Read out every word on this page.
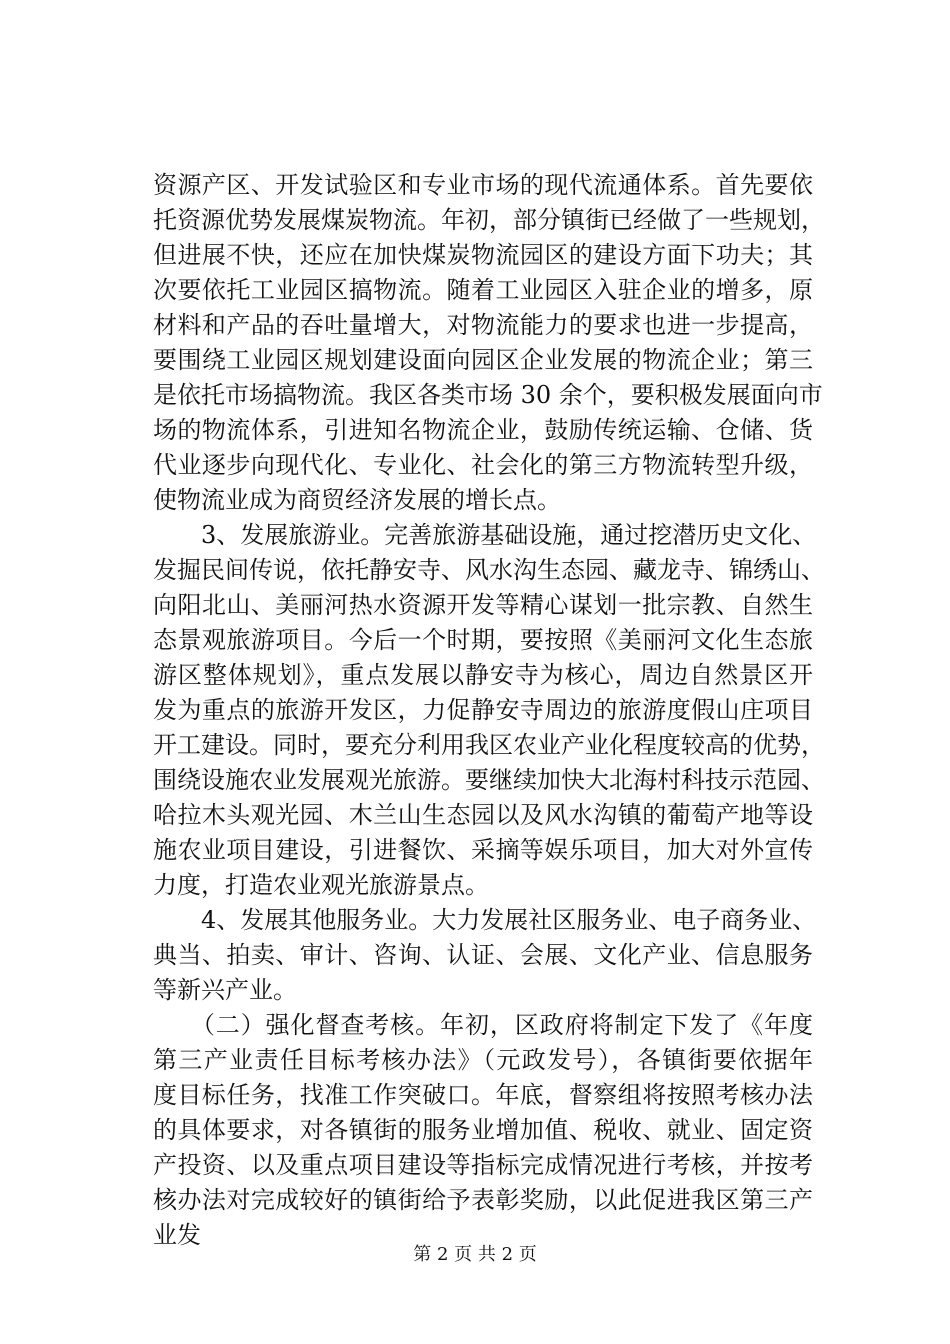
资源产区、开发试验区和专业市场的现代流通体系。首先要依
托资源优势发展煤炭物流。年初，部分镇街已经做了一些规划，
但进展不快，还应在加快煤炭物流园区的建设方面下功夫；其
次要依托工业园区搞物流。随着工业园区入驻企业的增多，原
材料和产品的吞吐量增大，对物流能力的要求也进一步提高，
要围绕工业园区规划建设面向园区企业发展的物流企业；第三
是依托市场搞物流。我区各类市场 30 余个，要积极发展面向市
场的物流体系，引进知名物流企业，鼓励传统运输、仓储、货
代业逐步向现代化、专业化、社会化的第三方物流转型升级，
使物流业成为商贸经济发展的增长点。
　　3、发展旅游业。完善旅游基础设施，通过挖潜历史文化、
发掘民间传说，依托静安寺、风水沟生态园、藏龙寺、锦绣山、
向阳北山、美丽河热水资源开发等精心谋划一批宗教、自然生
态景观旅游项目。今后一个时期，要按照《美丽河文化生态旅
游区整体规划》，重点发展以静安寺为核心，周边自然景区开
发为重点的旅游开发区，力促静安寺周边的旅游度假山庄项目
开工建设。同时，要充分利用我区农业产业化程度较高的优势，
围绕设施农业发展观光旅游。要继续加快大北海村科技示范园、
哈拉木头观光园、木兰山生态园以及风水沟镇的葡萄产地等设
施农业项目建设，引进餐饮、采摘等娱乐项目，加大对外宣传
力度，打造农业观光旅游景点。
　　4、发展其他服务业。大力发展社区服务业、电子商务业、
典当、拍卖、审计、咨询、认证、会展、文化产业、信息服务
等新兴产业。
　　（二）强化督查考核。年初，区政府将制定下发了《年度
第三产业责任目标考核办法》（元政发号），各镇街要依据年
度目标任务，找准工作突破口。年底，督察组将按照考核办法
的具体要求，对各镇街的服务业增加值、税收、就业、固定资
产投资、以及重点项目建设等指标完成情况进行考核，并按考
核办法对完成较好的镇街给予表彰奖励，以此促进我区第三产
业发
第 2 页 共 2 页
